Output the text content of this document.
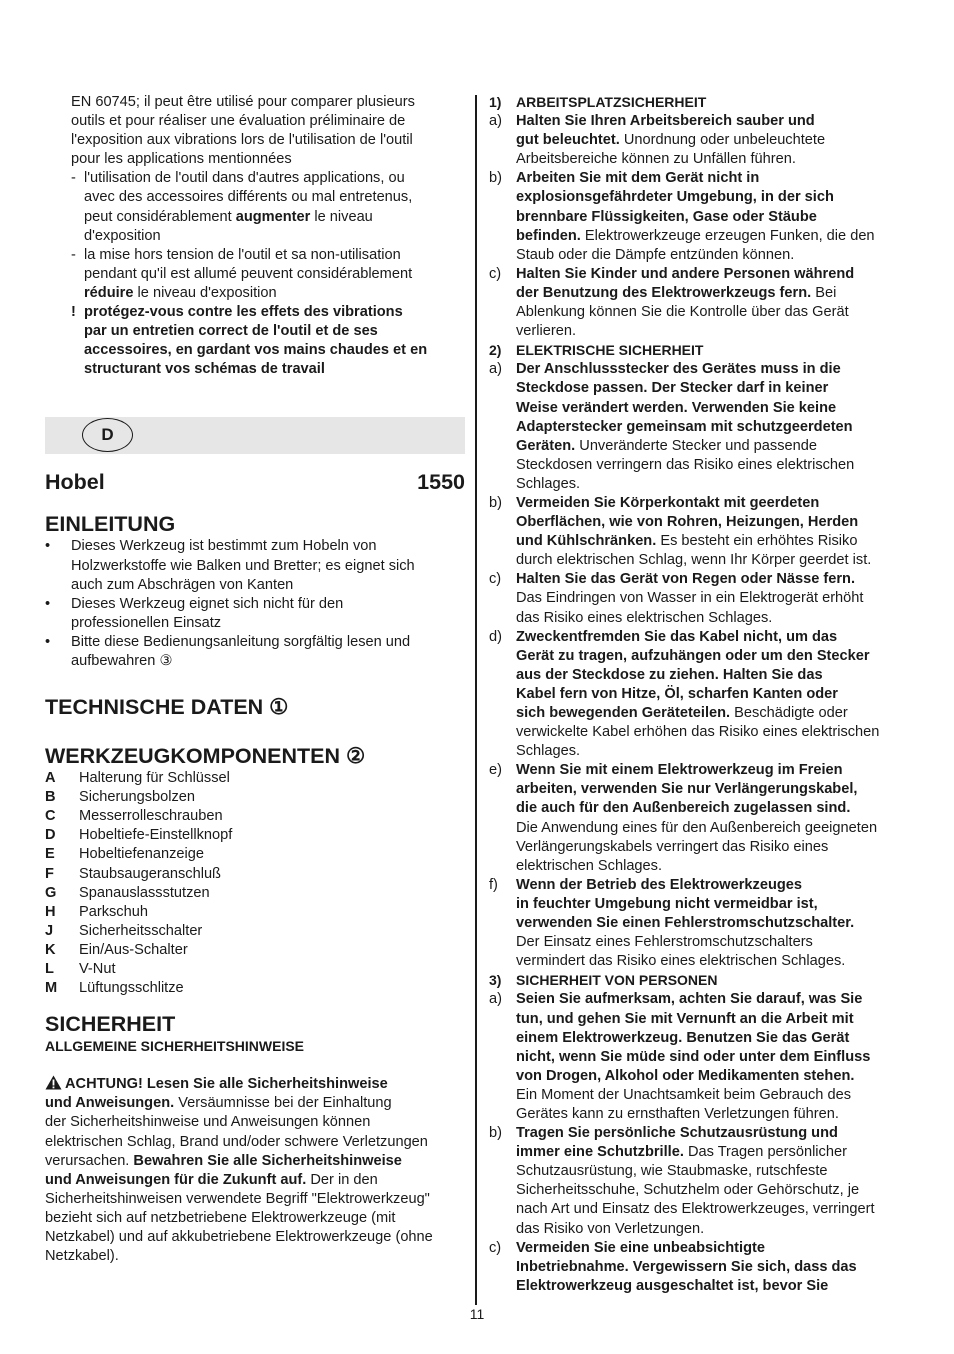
EN 60745; il peut être utilisé pour comparer plusieurs

outils et pour réaliser une évaluation préliminaire de

l'exposition aux vibrations lors de l'utilisation de l'outil

pour les applications mentionnées

- l'utilisation de l'outil dans d'autres applications, ou

avec des accessoires différents ou mal entretenus,

peut considérablement augmenter le niveau

d'exposition

- la mise hors tension de l'outil et sa non-utilisation

pendant qu'il est allumé peuvent considérablement

réduire le niveau d'exposition

! protégez-vous contre les effets des vibrations

par un entretien correct de l'outil et de ses

accessoires, en gardant vos mains chaudes et en

structurant vos schémas de travail

D
Hobel	1550
EINLEITUNG
•	Dieses Werkzeug ist bestimmt zum Hobeln von

Holzwerkstoffe wie Balken und Bretter; es eignet sich

auch zum Abschrägen von Kanten

•	Dieses Werkzeug eignet sich nicht für den

professionellen Einsatz

•	Bitte diese Bedienungsanleitung sorgfältig lesen und

aufbewahren ③

TECHNISCHE DATEN ①
WERKZEUGKOMPONENTEN ②
A	Halterung für Schlüssel
B	Sicherungsbolzen
C	Messerrolleschrauben
D	Hobeltiefe-Einstellknopf
E	Hobeltiefenanzeige
F	Staubsaugeranschluß
G	Spanauslassstutzen
H	Parkschuh
J	Sicherheitsschalter
K	Ein/Aus-Schalter
L	V-Nut
M	Lüftungsschlitze
SICHERHEIT

ALLGEMEINE SICHERHEITSHINWEISE

ACHTUNG! Lesen Sie alle Sicherheitshinweise

und Anweisungen. Versäumnisse bei der Einhaltung

der Sicherheitshinweise und Anweisungen können

elektrischen Schlag, Brand und/oder schwere Verletzungen

verursachen. Bewahren Sie alle Sicherheitshinweise

und Anweisungen für die Zukunft auf. Der in den

Sicherheitshinweisen verwendete Begriff "Elektrowerkzeug"

bezieht sich auf netzbetriebene Elektrowerkzeuge (mit

Netzkabel) und auf akkubetriebene Elektrowerkzeuge (ohne

Netzkabel).

1)	ARBEITSPLATZSICHERHEIT
a) Halten Sie Ihren Arbeitsbereich sauber und

gut beleuchtet. Unordnung oder unbeleuchtete

Arbeitsbereiche können zu Unfällen führen.

b) Arbeiten Sie mit dem Gerät nicht in

explosionsgefährdeter Umgebung, in der sich

brennbare Flüssigkeiten, Gase oder Stäube

befinden. Elektrowerkzeuge erzeugen Funken, die den

Staub oder die Dämpfe entzünden können.

c)	Halten Sie Kinder und andere Personen während

der Benutzung des Elektrowerkzeugs fern. Bei

Ablenkung können Sie die Kontrolle über das Gerät

verlieren.

2)	ELEKTRISCHE SICHERHEIT
a) Der Anschlussstecker des Gerätes muss in die

Steckdose passen. Der Stecker darf in keiner

Weise verändert werden. Verwenden Sie keine

Adapterstecker gemeinsam mit schutzgeerdeten

Geräten. Unveränderte Stecker und passende

Steckdosen verringern das Risiko eines elektrischen

Schlages.

b) Vermeiden Sie Körperkontakt mit geerdeten

Oberflächen, wie von Rohren, Heizungen, Herden

und Kühlschränken. Es besteht ein erhöhtes Risiko

durch elektrischen Schlag, wenn Ihr Körper geerdet ist.

c)	Halten Sie das Gerät von Regen oder Nässe fern.

Das Eindringen von Wasser in ein Elektrogerät erhöht

das Risiko eines elektrischen Schlages.

d) Zweckentfremden Sie das Kabel nicht, um das

Gerät zu tragen, aufzuhängen oder um den Stecker

aus der Steckdose zu ziehen. Halten Sie das

Kabel fern von Hitze, Öl, scharfen Kanten oder

sich bewegenden Geräteteilen. Beschädigte oder

verwickelte Kabel erhöhen das Risiko eines elektrischen

Schlages.

e) Wenn Sie mit einem Elektrowerkzeug im Freien

arbeiten, verwenden Sie nur Verlängerungskabel,

die auch für den Außenbereich zugelassen sind.

Die Anwendung eines für den Außenbereich geeigneten

Verlängerungskabels verringert das Risiko eines

elektrischen Schlages.

f)	Wenn der Betrieb des Elektrowerkzeuges

in feuchter Umgebung nicht vermeidbar ist,

verwenden Sie einen Fehlerstromschutzschalter.

Der Einsatz eines Fehlerstromschutzschalters

vermindert das Risiko eines elektrischen Schlages.

3)	SICHERHEIT VON PERSONEN
a) Seien Sie aufmerksam, achten Sie darauf, was Sie

tun, und gehen Sie mit Vernunft an die Arbeit mit

einem Elektrowerkzeug. Benutzen Sie das Gerät

nicht, wenn Sie müde sind oder unter dem Einfluss

von Drogen, Alkohol oder Medikamenten stehen.

Ein Moment der Unachtsamkeit beim Gebrauch des

Gerätes kann zu ernsthaften Verletzungen führen.

b) Tragen Sie persönliche Schutzausrüstung und

immer eine Schutzbrille. Das Tragen persönlicher

Schutzausrüstung, wie Staubmaske, rutschfeste

Sicherheitsschuhe, Schutzhelm oder Gehörschutz, je

nach Art und Einsatz des Elektrowerkzeuges, verringert

das Risiko von Verletzungen.

c)	Vermeiden Sie eine unbeabsichtigte

Inbetriebnahme. Vergewissern Sie sich, dass das

Elektrowerkzeug ausgeschaltet ist, bevor Sie

11
